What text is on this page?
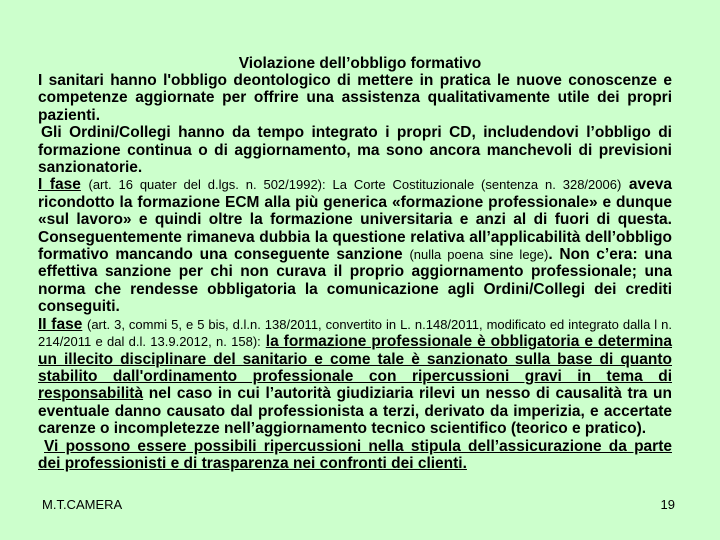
Violazione dell’obbligo formativo

I sanitari hanno l'obbligo deontologico di mettere in pratica le nuove conoscenze e competenze aggiornate per offrire una assistenza qualitativamente utile dei propri pazienti.

Gli Ordini/Collegi hanno da tempo integrato i propri CD, includendovi l’obbligo di formazione continua o di aggiornamento, ma sono ancora manchevoli di previsioni sanzionatorie.

I fase (art. 16 quater del d.lgs. n. 502/1992): La Corte Costituzionale (sentenza n. 328/2006) aveva ricondotto la formazione ECM alla più generica «formazione professionale» e dunque «sul lavoro» e quindi oltre la formazione universitaria e anzi al di fuori di questa. Conseguentemente rimaneva dubbia la questione relativa all’applicabilità dell’obbligo formativo mancando una conseguente sanzione (nulla poena sine lege). Non c’era: una effettiva sanzione per chi non curava il proprio aggiornamento professionale; una norma che rendesse obbligatoria la comunicazione agli Ordini/Collegi dei crediti conseguiti.

II fase (art. 3, commi 5, e 5 bis, d.l.n. 138/2011, convertito in L. n.148/2011, modificato ed integrato dalla l n. 214/2011 e dal d.l. 13.9.2012, n. 158): la formazione professionale è obbligatoria e determina un illecito disciplinare del sanitario e come tale è sanzionato sulla base di quanto stabilito dall'ordinamento professionale con ripercussioni gravi in tema di responsabilità nel caso in cui l’autorità giudiziaria rilevi un nesso di causalità tra un eventuale danno causato dal professionista a terzi, derivato da imperizia, e accertate carenze o incompletezze nell’aggiornamento tecnico scientifico (teorico e pratico).

Vi possono essere possibili ripercussioni nella stipula dell’assicurazione da parte dei professionisti e di trasparenza nei confronti dei clienti.

M.T.CAMERA	19
